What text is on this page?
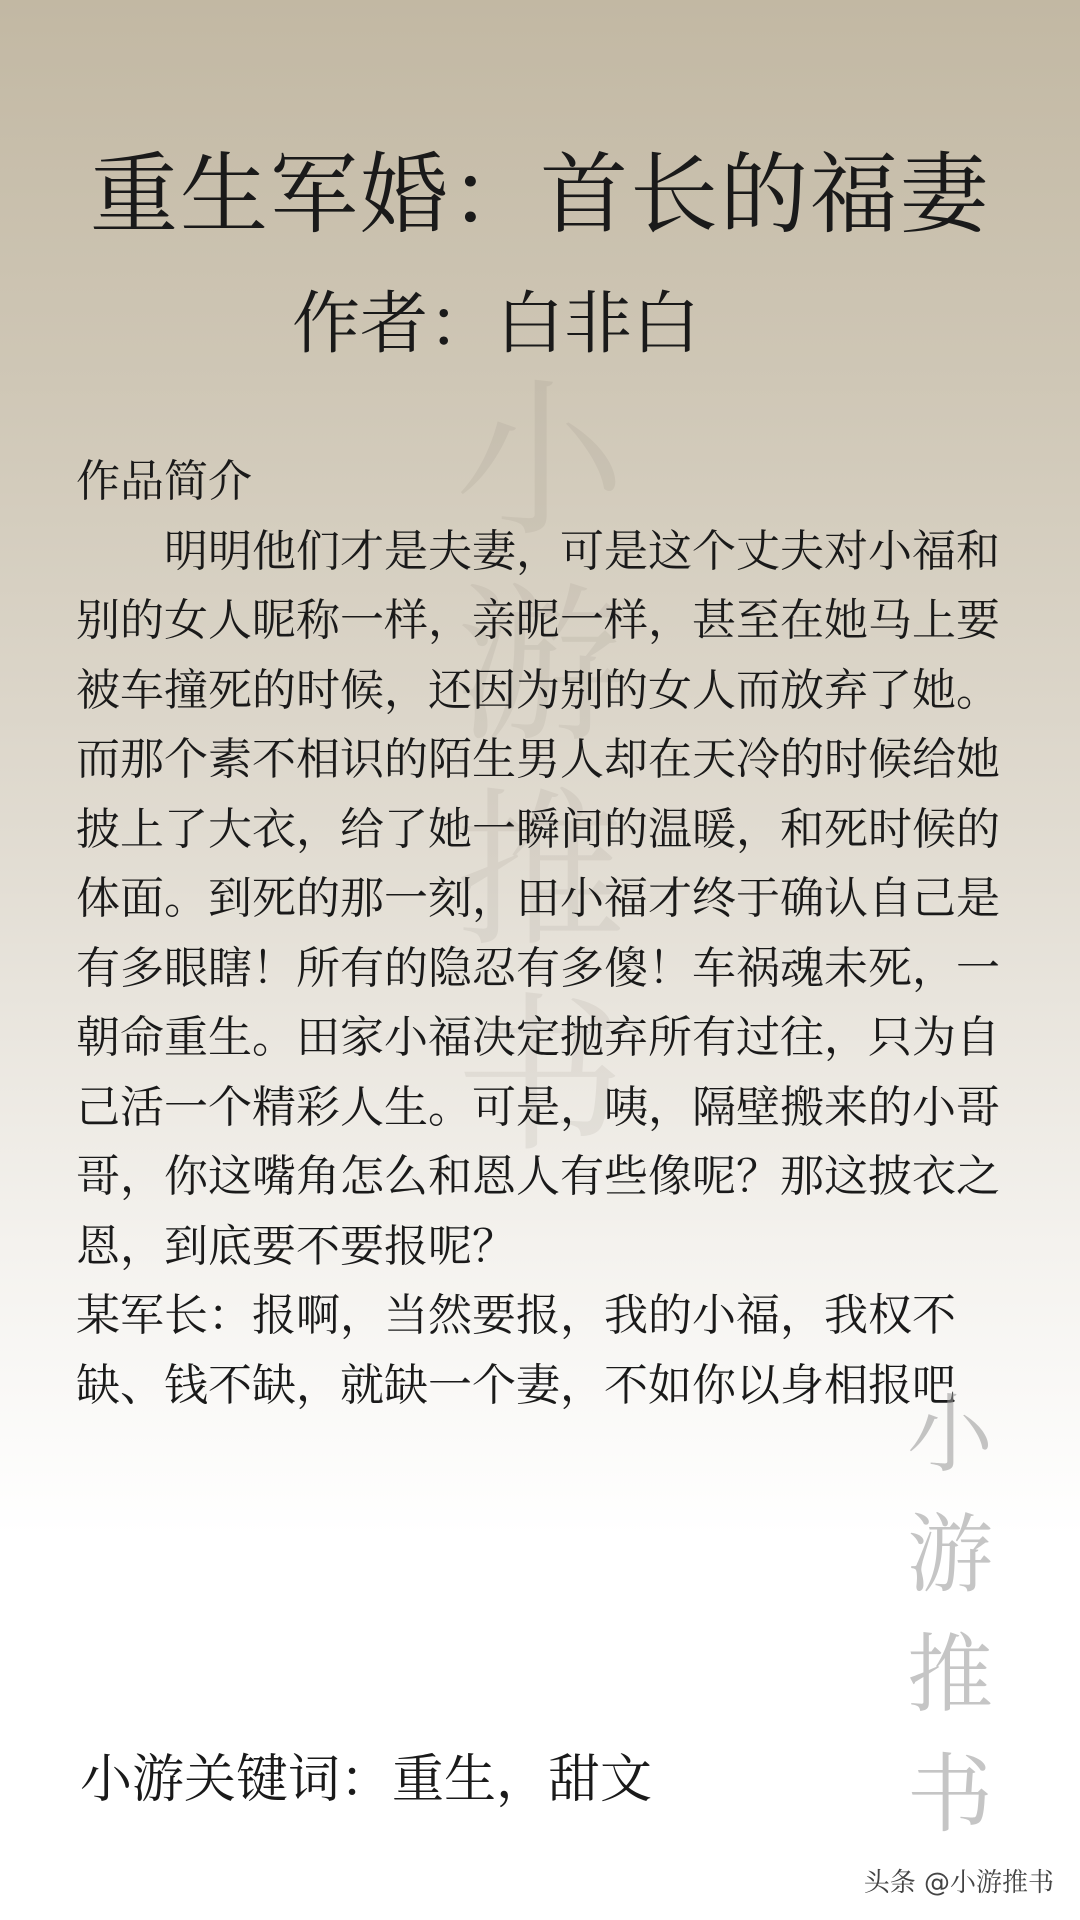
小
游
推
书
重生军婚：首长的福妻
作者：白非白
作品简介
明明他们才是夫妻，可是这个丈夫对小福和别的女人昵称一样，亲昵一样，甚至在她马上要被车撞死的时候，还因为别的女人而放弃了她。而那个素不相识的陌生男人却在天冷的时候给她披上了大衣，给了她一瞬间的温暖，和死时候的体面。到死的那一刻，田小福才终于确认自己是有多眼瞎！所有的隐忍有多傻！车祸魂未死，一朝命重生。田家小福决定抛弃所有过往，只为自己活一个精彩人生。可是，咦，隔壁搬来的小哥哥，你这嘴角怎么和恩人有些像呢？那这披衣之恩，到底要不要报呢？
某军长：报啊，当然要报，我的小福，我权不缺、钱不缺，就缺一个妻，不如你以身相报吧
小
游
推
书
小游关键词：重生，甜文
头条 @小游推书
